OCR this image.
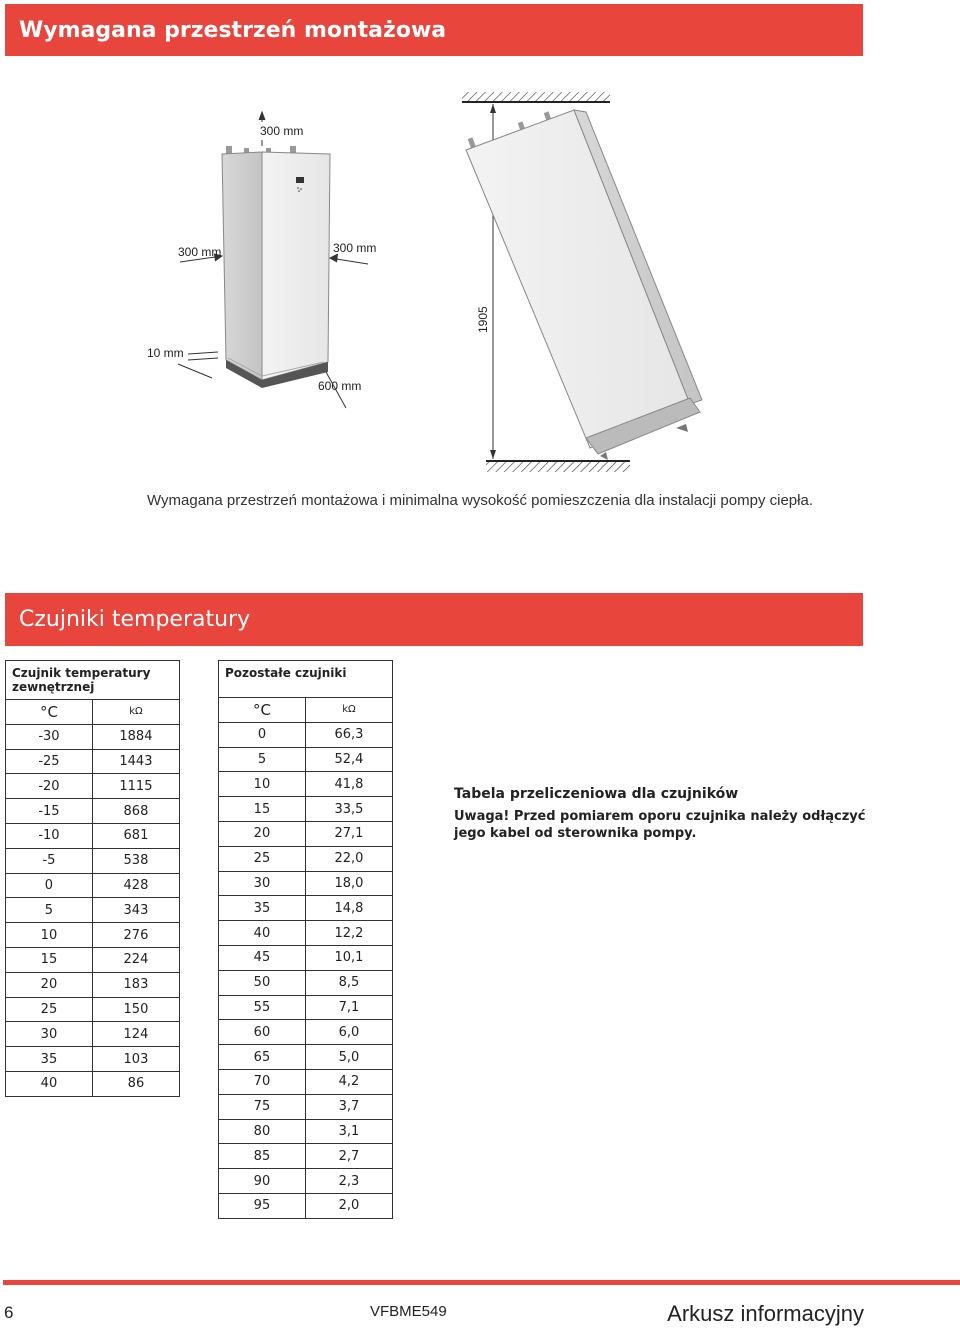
Wymagana przestrzeń montażowa
300 mm
300 mm	300 mm
10 mm
600 mm
1905
Wymagana przestrzeń montażowa i minimalna wysokość pomieszczenia dla instalacji pompy ciepła.
Czujniki temperatury
Czujnik temperatury zewnętrznej	
°C	kΩ
-30	1884
-25	1443
-20	1115
-15	868
-10	681
-5	538
0	428
5	343
10	276
15	224
20	183
25	150
30	124
35	103
40	86
Pozostałe czujniki	
°C	kΩ
0	66,3
5	52,4
10	41,8
15	33,5
20	27,1
25	22,0
30	18,0
35	14,8
40	12,2
45	10,1
50	8,5
55	7,1
60	6,0
65	5,0
70	4,2
75	3,7
80	3,1
85	2,7
90	2,3
95	2,0
Tabela przeliczeniowa dla czujników
Uwaga! Przed pomiarem oporu czujnika należy odłączyć jego kabel od sterownika pompy.
6	VFBME549	Arkusz informacyjny
